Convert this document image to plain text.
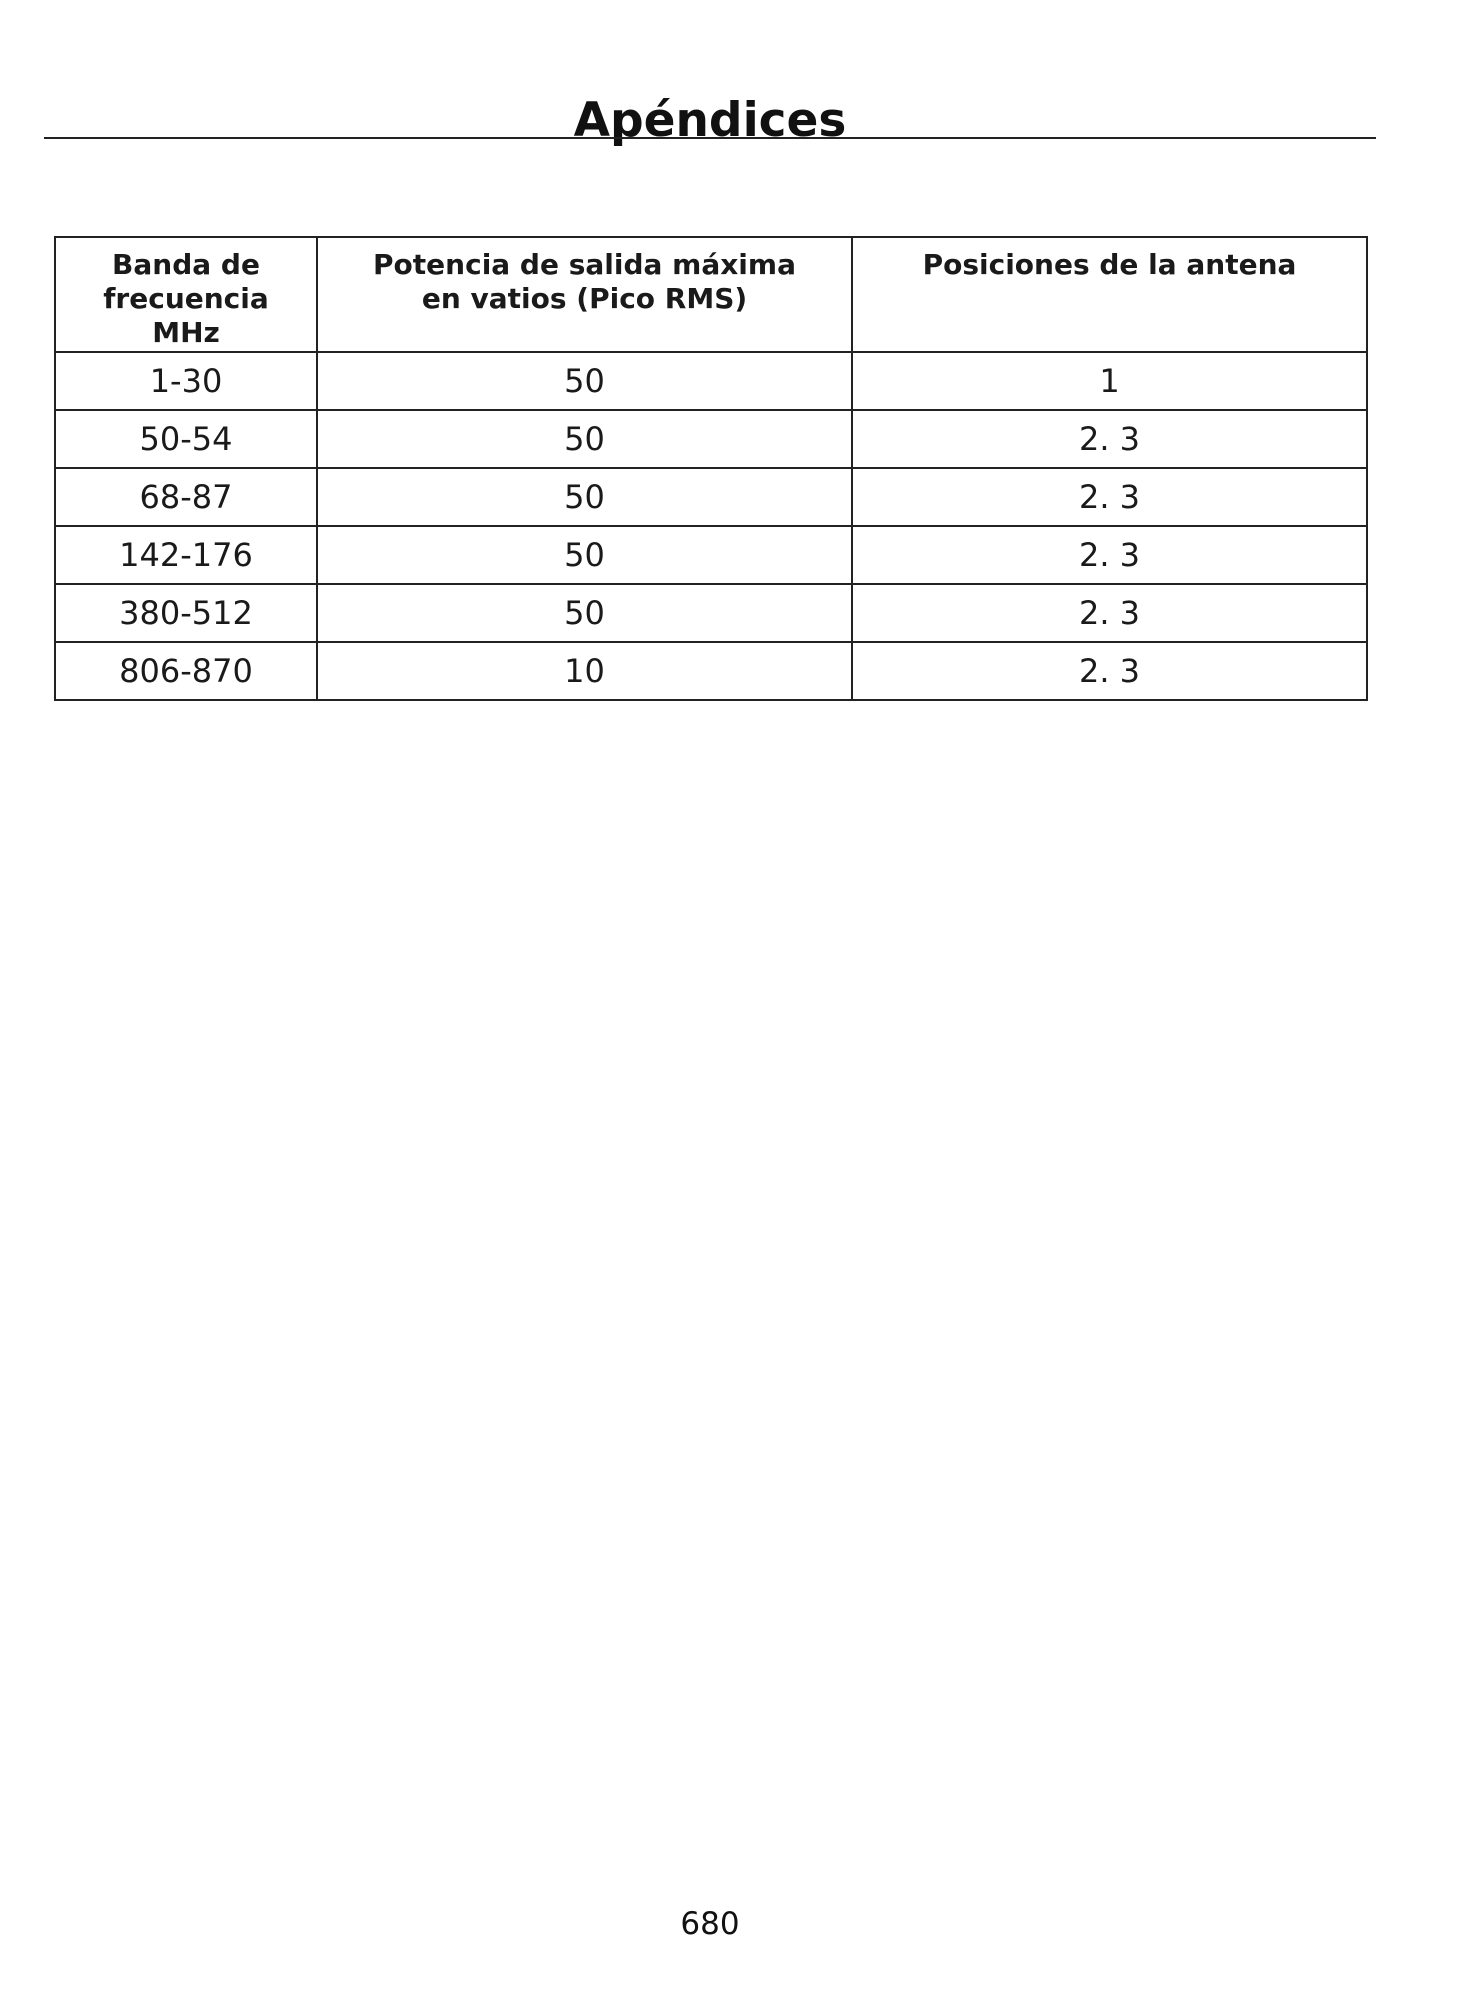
Apéndices
Banda de frecuencia MHz	Potencia de salida máxima en vatios (Pico RMS)	Posiciones de la antena
1-30	50	1
50-54	50	2. 3
68-87	50	2. 3
142-176	50	2. 3
380-512	50	2. 3
806-870	10	2. 3
680
